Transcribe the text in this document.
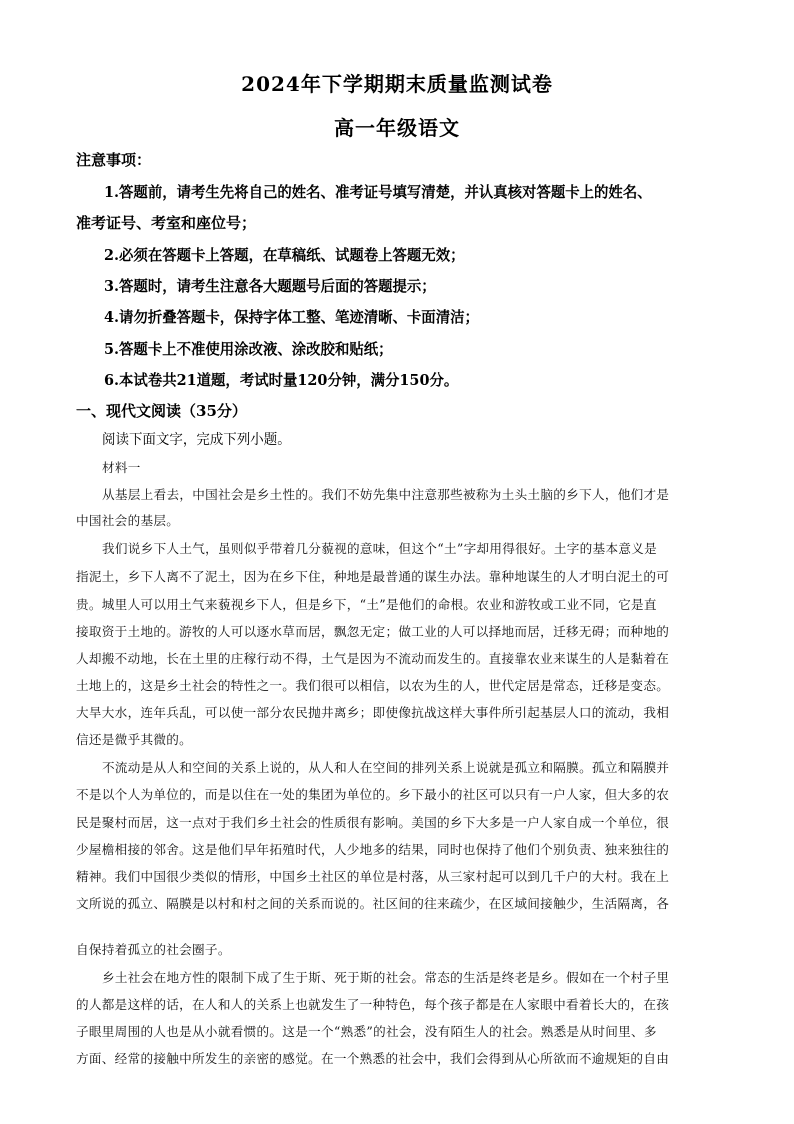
2024年下学期期末质量监测试卷
高一年级语文
注意事项：
1.答题前，请考生先将自己的姓名、准考证号填写清楚，并认真核对答题卡上的姓名、
准考证号、考室和座位号；
2.必须在答题卡上答题，在草稿纸、试题卷上答题无效；
3.答题时，请考生注意各大题题号后面的答题提示；
4.请勿折叠答题卡，保持字体工整、笔迹清晰、卡面清洁；
5.答题卡上不准使用涂改液、涂改胶和贴纸；
6.本试卷共21道题，考试时量120分钟，满分150分。
一、现代文阅读（35分）
阅读下面文字，完成下列小题。
材料一
从基层上看去，中国社会是乡土性的。我们不妨先集中注意那些被称为土头土脑的乡下人，他们才是
中国社会的基层。
我们说乡下人土气，虽则似乎带着几分藐视的意味，但这个“土”字却用得很好。土字的基本意义是
指泥土，乡下人离不了泥土，因为在乡下住，种地是最普通的谋生办法。靠种地谋生的人才明白泥土的可
贵。城里人可以用土气来藐视乡下人，但是乡下，“土”是他们的命根。农业和游牧或工业不同，它是直
接取资于土地的。游牧的人可以逐水草而居，飘忽无定；做工业的人可以择地而居，迁移无碍；而种地的
人却搬不动地，长在土里的庄稼行动不得，土气是因为不流动而发生的。直接靠农业来谋生的人是黏着在
土地上的，这是乡土社会的特性之一。我们很可以相信，以农为生的人，世代定居是常态，迁移是变态。
大旱大水，连年兵乱，可以使一部分农民抛井离乡；即使像抗战这样大事件所引起基层人口的流动，我相
信还是微乎其微的。
不流动是从人和空间的关系上说的，从人和人在空间的排列关系上说就是孤立和隔膜。孤立和隔膜并
不是以个人为单位的，而是以住在一处的集团为单位的。乡下最小的社区可以只有一户人家，但大多的农
民是聚村而居，这一点对于我们乡土社会的性质很有影响。美国的乡下大多是一户人家自成一个单位，很
少屋檐相接的邻舍。这是他们早年拓殖时代，人少地多的结果，同时也保持了他们个别负责、独来独往的
精神。我们中国很少类似的情形，中国乡土社区的单位是村落，从三家村起可以到几千户的大村。我在上
文所说的孤立、隔膜是以村和村之间的关系而说的。社区间的往来疏少，在区域间接触少，生活隔离，各
自保持着孤立的社会圈子。
乡土社会在地方性的限制下成了生于斯、死于斯的社会。常态的生活是终老是乡。假如在一个村子里
的人都是这样的话，在人和人的关系上也就发生了一种特色，每个孩子都是在人家眼中看着长大的，在孩
子眼里周围的人也是从小就看惯的。这是一个“熟悉”的社会，没有陌生人的社会。熟悉是从时间里、多
方面、经常的接触中所发生的亲密的感觉。在一个熟悉的社会中，我们会得到从心所欲而不逾规矩的自由
